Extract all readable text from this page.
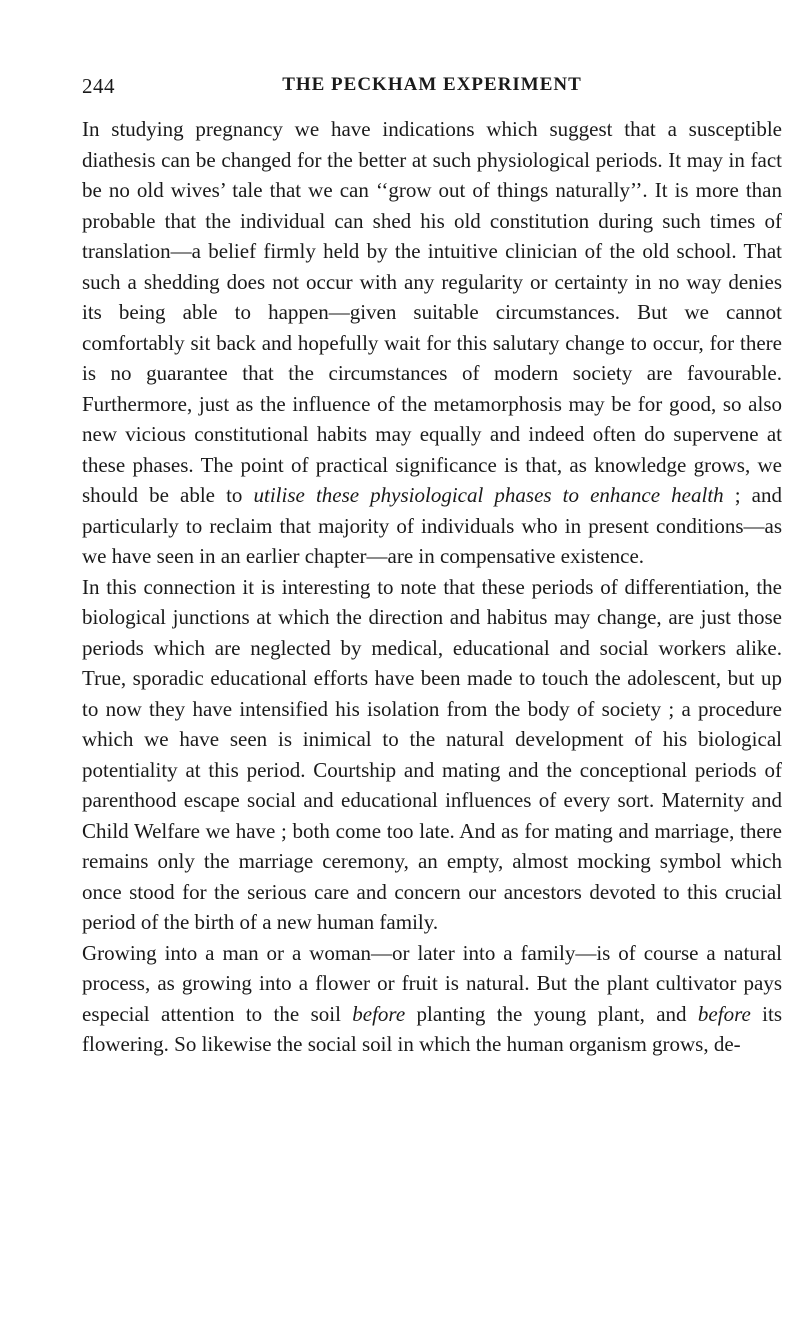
244	THE PECKHAM EXPERIMENT

In studying pregnancy we have indications which suggest that a susceptible diathesis can be changed for the better at such physiological periods. It may in fact be no old wives’ tale that we can ‘‘grow out of things naturally’’. It is more than probable that the individual can shed his old constitution during such times of translation—a belief firmly held by the intuitive clinician of the old school. That such a shedding does not occur with any regularity or certainty in no way denies its being able to happen—given suitable circumstances. But we cannot comfortably sit back and hopefully wait for this salutary change to occur, for there is no guarantee that the circumstances of modern society are favourable. Furthermore, just as the influence of the metamorphosis may be for good, so also new vicious constitutional habits may equally and indeed often do supervene at these phases. The point of practical significance is that, as knowledge grows, we should be able to utilise these physiological phases to enhance health ; and particularly to reclaim that majority of individuals who in present conditions—as we have seen in an earlier chapter—are in compensative existence.

In this connection it is interesting to note that these periods of differentiation, the biological junctions at which the direction and habitus may change, are just those periods which are neglected by medical, educational and social workers alike. True, sporadic educational efforts have been made to touch the adolescent, but up to now they have intensified his isolation from the body of society ; a procedure which we have seen is inimical to the natural development of his biological potentiality at this period. Courtship and mating and the conceptional periods of parenthood escape social and educational influences of every sort. Maternity and Child Welfare we have ; both come too late. And as for mating and marriage, there remains only the marriage ceremony, an empty, almost mocking symbol which once stood for the serious care and concern our ancestors devoted to this crucial period of the birth of a new human family.

Growing into a man or a woman—or later into a family—is of course a natural process, as growing into a flower or fruit is natural. But the plant cultivator pays especial attention to the soil before planting the young plant, and before its flowering. So likewise the social soil in which the human organism grows, de-
